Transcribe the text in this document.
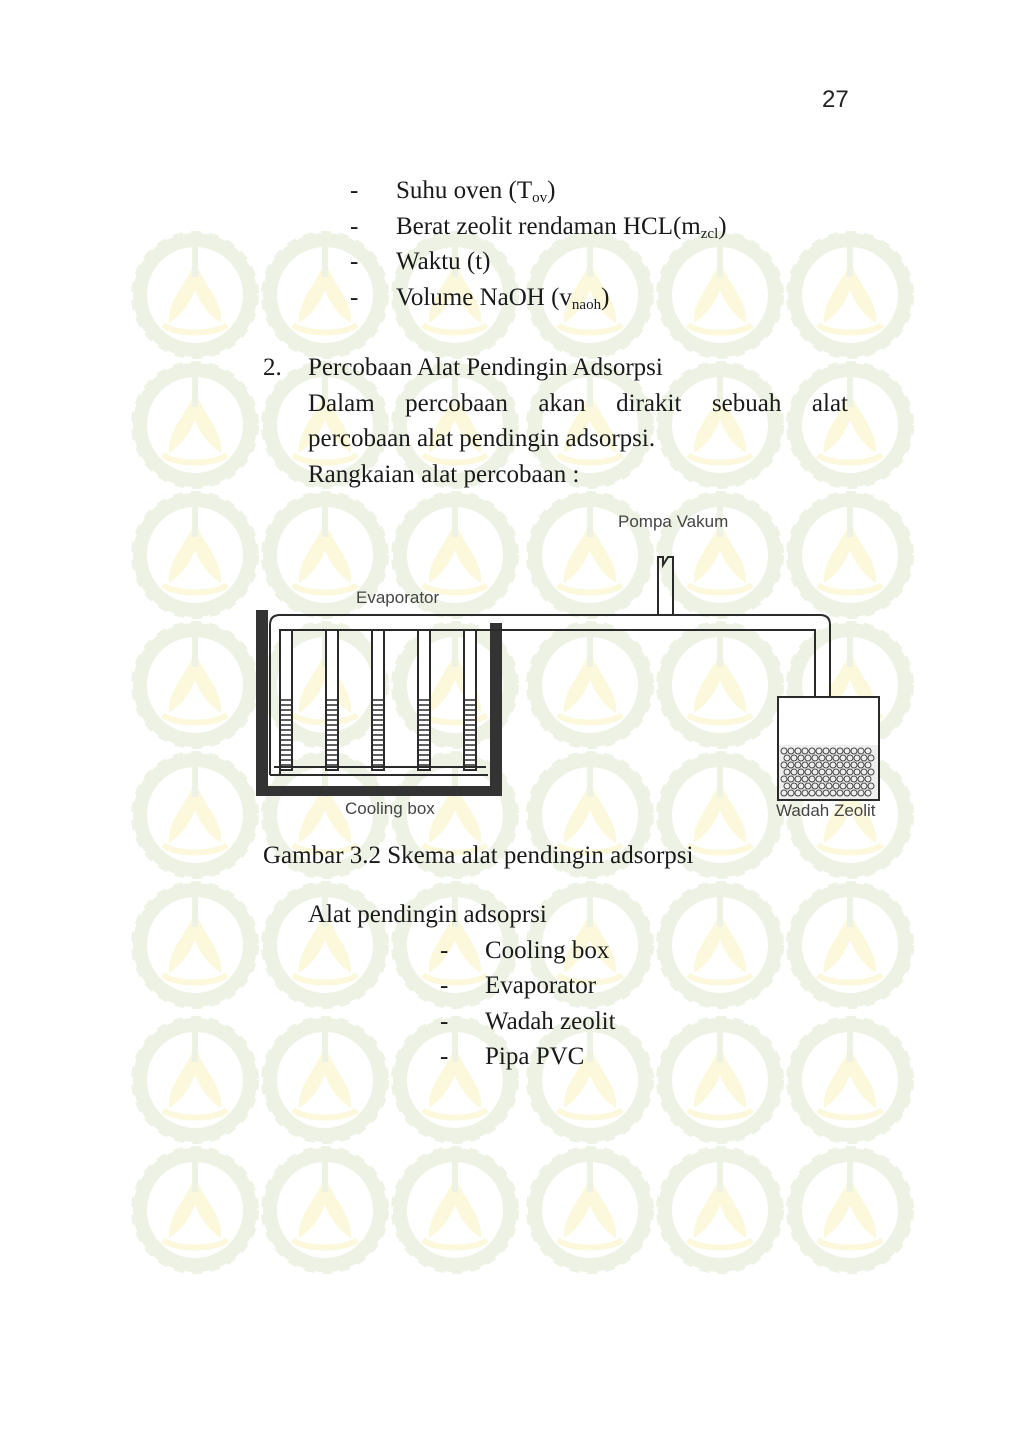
27
- Suhu oven $(T_{ov})$
- Berat zeolit rendaman $HCL(m_{zcl})$
- Waktu (t)
- Volume NaOH $(v_{naoh})$
2. Percobaan Alat Pendingin Adsorpsi
Dalam percobaan akan dirakit sebuah alat
percobaan alat pendingin adsorpsi.
Rangkaian alat percobaan :
Pompa Vakum
Evaporator
Cooling box	Wadah Zeolit
Gambar 3.2 Skema alat pendingin adsorpsi
Alat pendingin adsoprsi
- Cooling box
- Evaporator
- Wadah zeolit
- Pipa PVC
